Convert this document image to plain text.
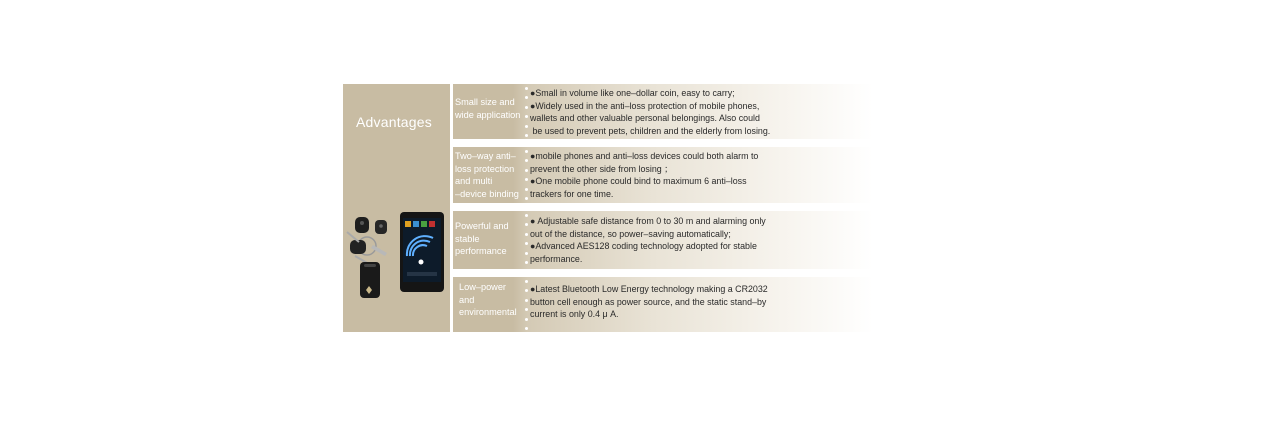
Advantages
Small size and
wide application
●Small in volume like one–dollar coin, easy to carry;
●Widely used in the anti–loss protection of mobile phones,
wallets and other valuable personal belongings. Also could
be used to prevent pets, children and the elderly from losing.
Two–way anti–
loss protection
and multi
–device binding
●mobile phones and anti–loss devices could both alarm to
prevent the other side from losing ；
●One mobile phone could bind to maximum 6 anti–loss
trackers for one time.
Powerful and
stable
performance
● Adjustable safe distance from 0 to 30 m and alarming only
out of the distance, so power–saving automatically;
●Advanced AES128 coding technology adopted for stable
performance.
Low–power
and
environmental
●Latest Bluetooth Low Energy technology making a CR2032
button cell enough as power source, and the static stand–by
current is only 0.4 μ A.
